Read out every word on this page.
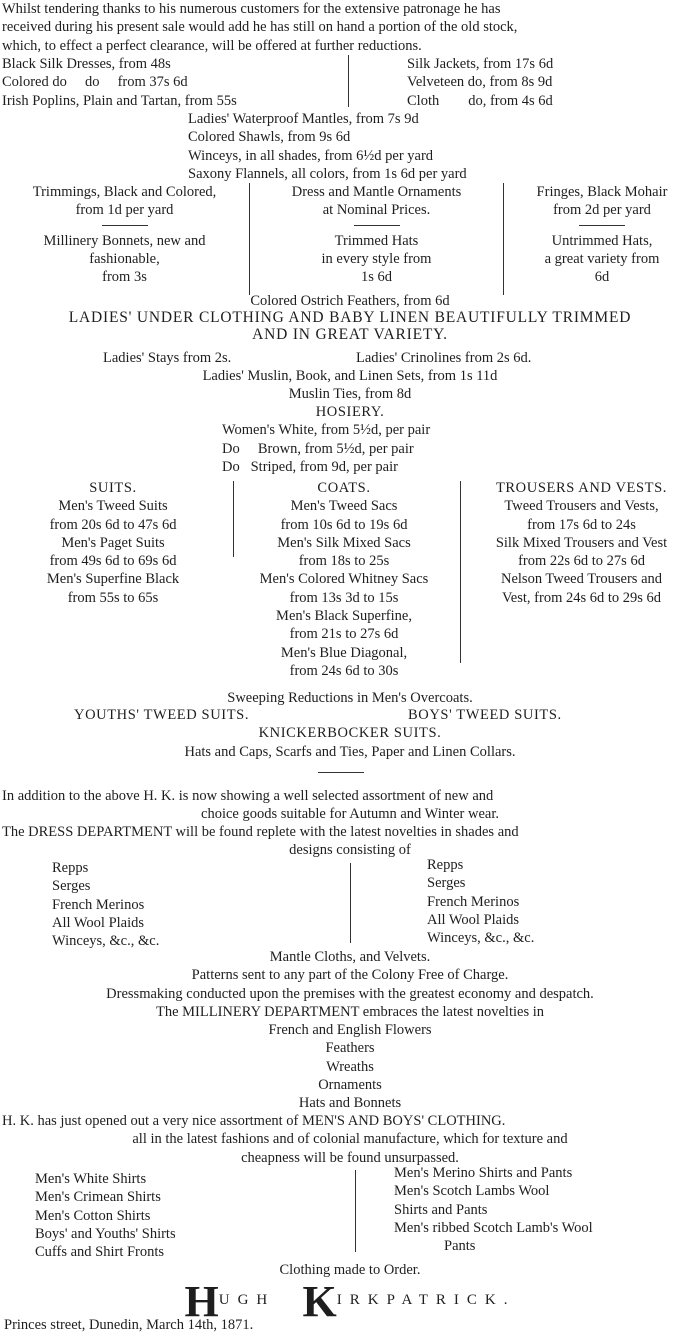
Whilst tendering thanks to his numerous customers for the extensive patronage he has
received during his present sale would add he has still on hand a portion of the old stock,
which, to effect a perfect clearance, will be offered at further reductions.
Black Silk Dresses, from 48s
Colored do     do     from 37s 6d
Irish Poplins, Plain and Tartan, from 55s
Silk Jackets, from 17s 6d
Velveteen do, from 8s 9d
Cloth        do, from 4s 6d
Ladies' Waterproof Mantles, from 7s 9d
Colored Shawls, from 9s 6d
Winceys, in all shades, from 6½d per yard
Saxony Flannels, all colors, from 1s 6d per yard
Trimmings, Black and Colored,
from 1d per yard
Millinery Bonnets, new and
fashionable,
from 3s
Dress and Mantle Ornaments
at Nominal Prices.
Trimmed Hats
in every style from
1s 6d
Fringes, Black Mohair
from 2d per yard
Untrimmed Hats,
a great variety from
6d
Colored Ostrich Feathers, from 6d
LADIES' UNDER CLOTHING AND BABY LINEN BEAUTIFULLY TRIMMED
AND IN GREAT VARIETY.
Ladies' Stays from 2s.	Ladies' Crinolines from 2s 6d.
Ladies' Muslin, Book, and Linen Sets, from 1s 11d
Muslin Ties, from 8d
HOSIERY.
Women's White, from 5½d, per pair
Do     Brown, from 5½d, per pair
Do   Striped, from 9d, per pair
SUITS.
Men's Tweed Suits
from 20s 6d to 47s 6d
Men's Paget Suits
from 49s 6d to 69s 6d
Men's Superfine Black
from 55s to 65s
COATS.
Men's Tweed Sacs
from 10s 6d to 19s 6d
Men's Silk Mixed Sacs
from 18s to 25s
Men's Colored Whitney Sacs
from 13s 3d to 15s
Men's Black Superfine,
from 21s to 27s 6d
Men's Blue Diagonal,
from 24s 6d to 30s
TROUSERS AND VESTS.
Tweed Trousers and Vests,
from 17s 6d to 24s
Silk Mixed Trousers and Vest
from 22s 6d to 27s 6d
Nelson Tweed Trousers and
Vest, from 24s 6d to 29s 6d
Sweeping Reductions in Men's Overcoats.
YOUTHS' TWEED SUITS.	BOYS' TWEED SUITS.
KNICKERBOCKER SUITS.
Hats and Caps, Scarfs and Ties, Paper and Linen Collars.
In addition to the above H. K. is now showing a well selected assortment of new and
choice goods suitable for Autumn and Winter wear.
The DRESS DEPARTMENT will be found replete with the latest novelties in shades and
designs consisting of
Repps
Serges
French Merinos
All Wool Plaids
Winceys, &c., &c.
Repps
Serges
French Merinos
All Wool Plaids
Winceys, &c., &c.
Mantle Cloths, and Velvets.
Patterns sent to any part of the Colony Free of Charge.
Dressmaking conducted upon the premises with the greatest economy and despatch.
The MILLINERY DEPARTMENT embraces the latest novelties in
French and English Flowers
Feathers
Wreaths
Ornaments
Hats and Bonnets
H. K. has just opened out a very nice assortment of MEN'S AND BOYS' CLOTHING.
all in the latest fashions and of colonial manufacture, which for texture and
cheapness will be found unsurpassed.
Men's White Shirts
Men's Crimean Shirts
Men's Cotton Shirts
Boys' and Youths' Shirts
Cuffs and Shirt Fronts
Men's Merino Shirts and Pants
Men's Scotch Lambs Wool
Shirts and Pants
Men's ribbed Scotch Lamb's Wool
Pants
Clothing made to Order.
HUGH KIRKPATRICK.
Princes street, Dunedin, March 14th, 1871.
